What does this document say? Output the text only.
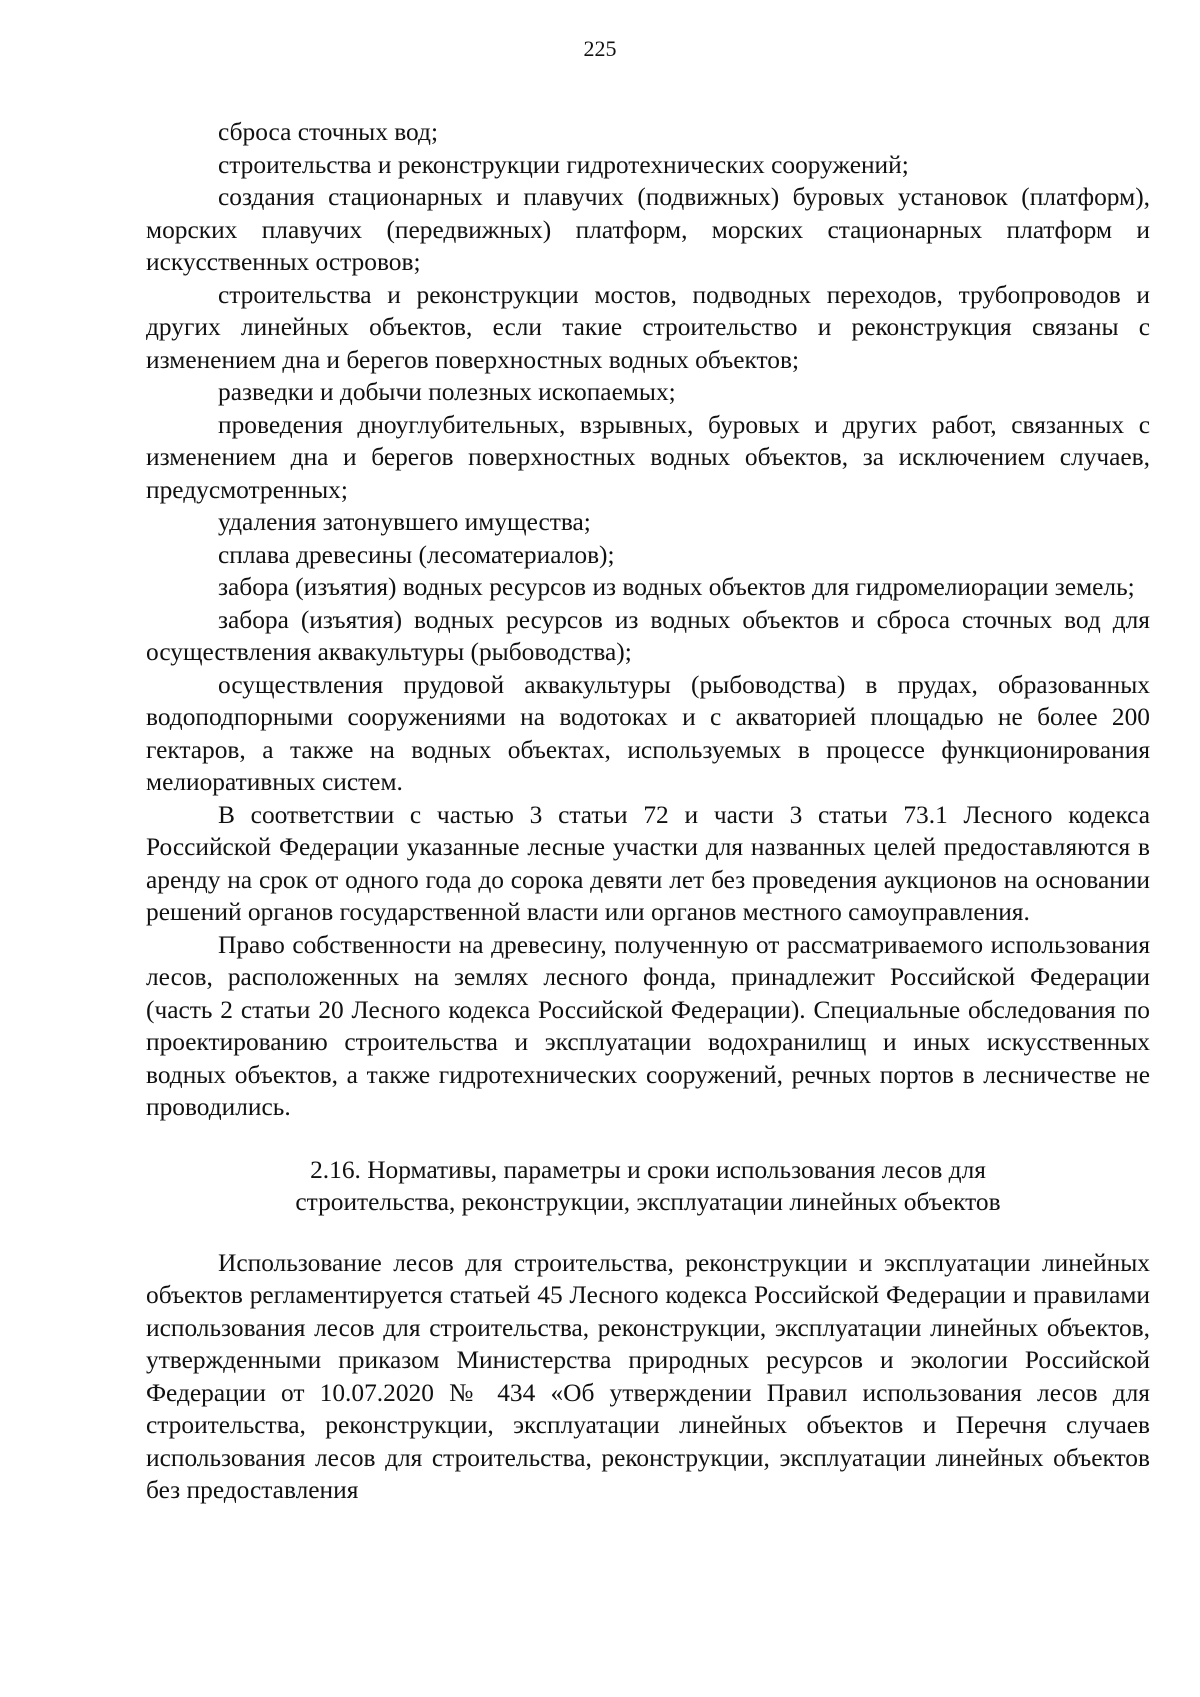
225

сброса сточных вод;

строительства и реконструкции гидротехнических сооружений;

создания стационарных и плавучих (подвижных) буровых установок (платформ), морских плавучих (передвижных) платформ, морских стационарных платформ и искусственных островов;

строительства и реконструкции мостов, подводных переходов, трубопроводов и других линейных объектов, если такие строительство и реконструкция связаны с изменением дна и берегов поверхностных водных объектов;

разведки и добычи полезных ископаемых;

проведения дноуглубительных, взрывных, буровых и других работ, связанных с изменением дна и берегов поверхностных водных объектов, за исключением случаев, предусмотренных;

удаления затонувшего имущества;

сплава древесины (лесоматериалов);

забора (изъятия) водных ресурсов из водных объектов для гидромелиорации земель;

забора (изъятия) водных ресурсов из водных объектов и сброса сточных вод для осуществления аквакультуры (рыбоводства);

осуществления прудовой аквакультуры (рыбоводства) в прудах, образованных водоподпорными сооружениями на водотоках и с акваторией площадью не более 200 гектаров, а также на водных объектах, используемых в процессе функционирования мелиоративных систем.

В соответствии с частью 3 статьи 72 и части 3 статьи 73.1 Лесного кодекса Российской Федерации указанные лесные участки для названных целей предоставляются в аренду на срок от одного года до сорока девяти лет без проведения аукционов на основании решений органов государственной власти или органов местного самоуправления.

Право собственности на древесину, полученную от рассматриваемого использования лесов, расположенных на землях лесного фонда, принадлежит Российской Федерации (часть 2 статьи 20 Лесного кодекса Российской Федерации). Специальные обследования по проектированию строительства и эксплуатации водохранилищ и иных искусственных водных объектов, а также гидротехнических сооружений, речных портов в лесничестве не проводились.

2.16. Нормативы, параметры и сроки использования лесов для
строительства, реконструкции, эксплуатации линейных объектов

Использование лесов для строительства, реконструкции и эксплуатации линейных объектов регламентируется статьей 45 Лесного кодекса Российской Федерации и правилами использования лесов для строительства, реконструкции, эксплуатации линейных объектов, утвержденными приказом Министерства природных ресурсов и экологии Российской Федерации от 10.07.2020 № 434 «Об утверждении Правил использования лесов для строительства, реконструкции, эксплуатации линейных объектов и Перечня случаев использования лесов для строительства, реконструкции, эксплуатации линейных объектов без предоставления
